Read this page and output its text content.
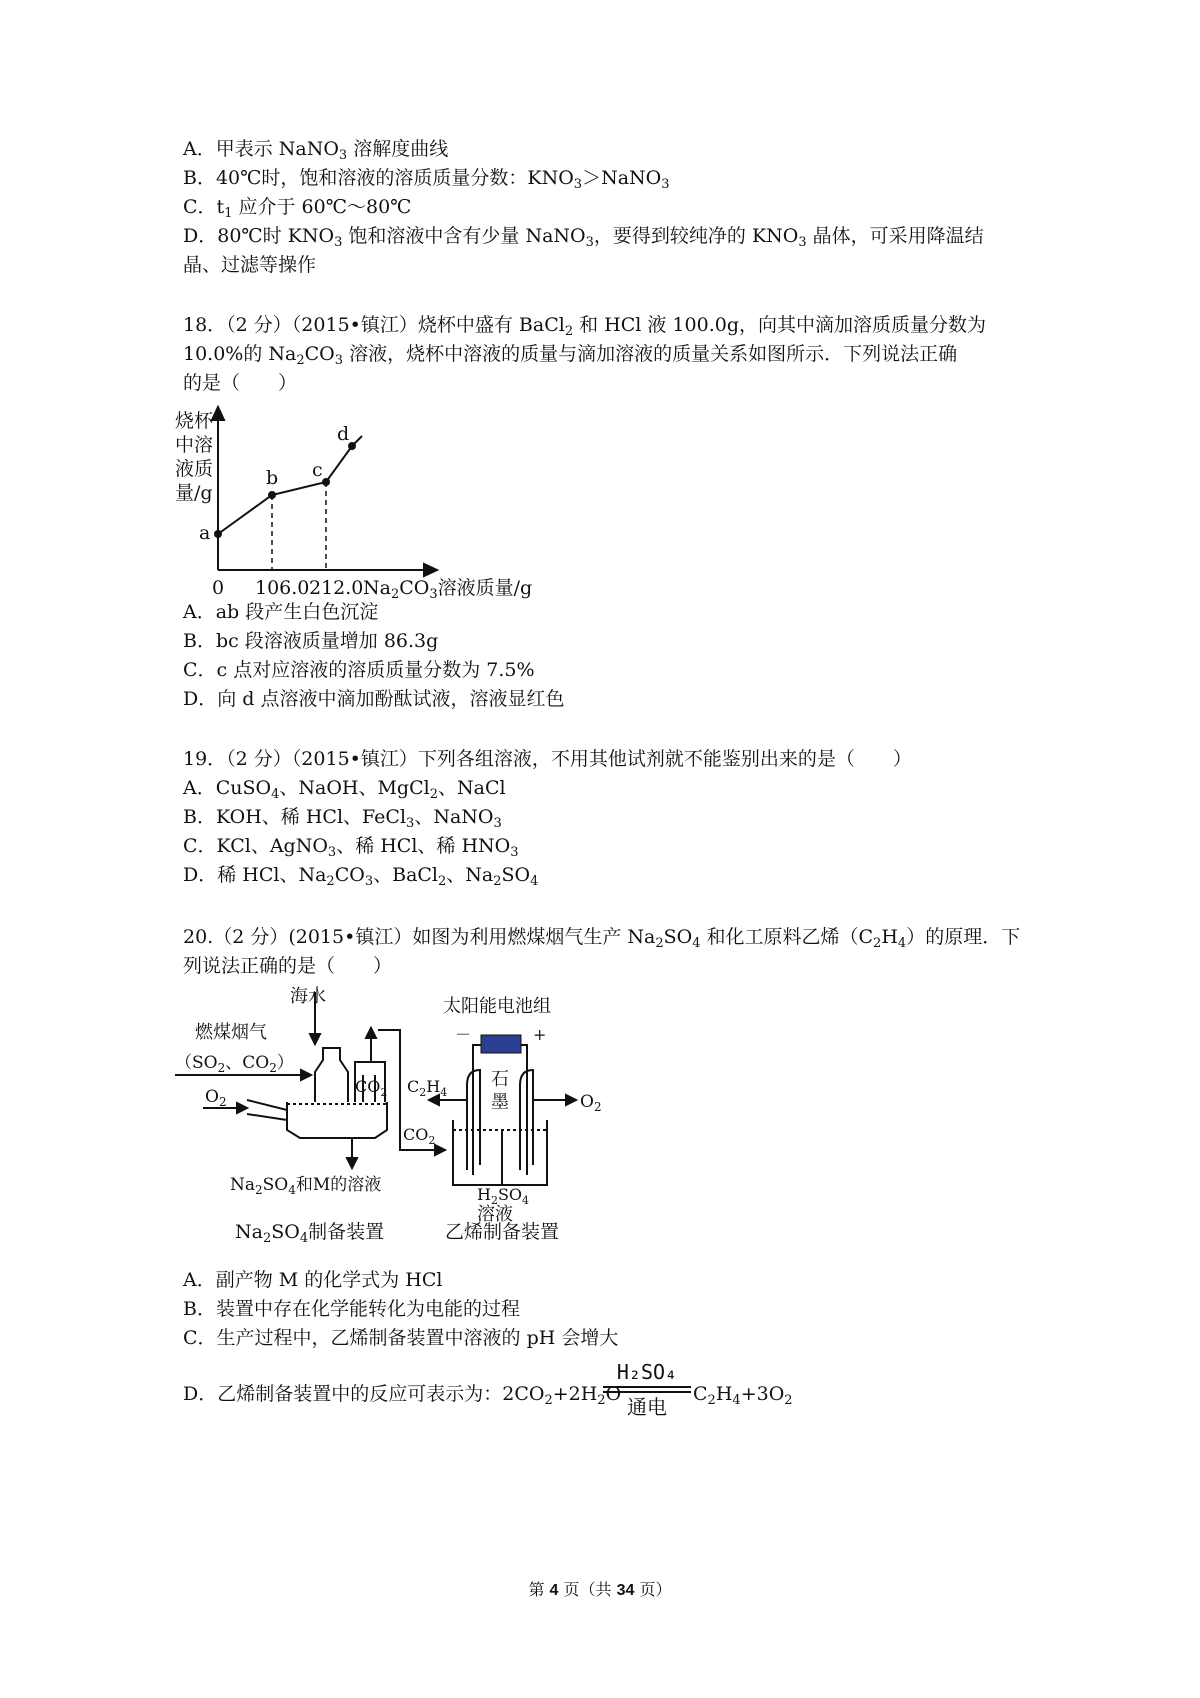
A．甲表示 NaNO$_3$ 溶解度曲线
B．40℃时，饱和溶液的溶质质量分数：$KNO_3>NaNO_3$
C．$t_1$ 应介于 60℃～80℃
D．80℃时 $KNO_3$ 饱和溶液中含有少量 NaNO$_3$，要得到较纯净的 $KNO_3$ 晶体，可采用降温结
晶、过滤等操作
18．（2 分）（2015•镇江）烧杯中盛有 BaCl$_2$ 和 HCl 液 100.0g，向其中滴加溶质质量分数为
10.0%的 $Na_2CO_3$ 溶液，烧杯中溶液的质量与滴加溶液的质量关系如图所示．下列说法正确
的是（　　）
烧杯
中溶
液质
量/g
a
b c
d
0 106.0 212.0 $Na_2CO_3$溶液质量/g
A．ab 段产生白色沉淀
B．bc 段溶液质量增加 86.3g
C．c 点对应溶液的溶质质量分数为 7.5%
D．向 d 点溶液中滴加酚酞试液，溶液显红色
19．（2 分）（2015•镇江）下列各组溶液，不用其他试剂就不能鉴别出来的是（　　）
A．CuSO$_4$、NaOH、MgCl$_2$、NaCl
B．KOH、稀 HCl、FeCl$_3$、NaNO$_3$
C．KCl、AgNO$_3$、稀 HCl、稀 $HNO_3$
D．稀 HCl、$Na_2CO_3$、BaCl$_2$、$Na_2SO_4$
20.（2 分）(2015•镇江）如图为利用燃煤烟气生产 $Na_2SO_4$ 和化工原料乙烯$(C_2H_4)$的原理．下
列说法正确的是（　　）
海水
燃煤烟气
（$SO_2$、$CO_2$）
$O_2$
$CO_2$
$CO_2$
$Na_2SO_4$和M的溶液
$Na_2SO_4$制备装置
太阳能电池组
－	+
$C_2H_4$
石
墨	$O_2$
$H_2SO_4$
溶液
乙烯制备装置
A．副产物 M 的化学式为 HCl
B．装置中存在化学能转化为电能的过程
C．生产过程中，乙烯制备装置中溶液的 pH 会增大
D．乙烯制备装置中的反应可表示为：$2CO_2+2H_2O$
H₂SO₄
通电
$C_2H_4+3O_2$
第 4 页（共 34 页）
